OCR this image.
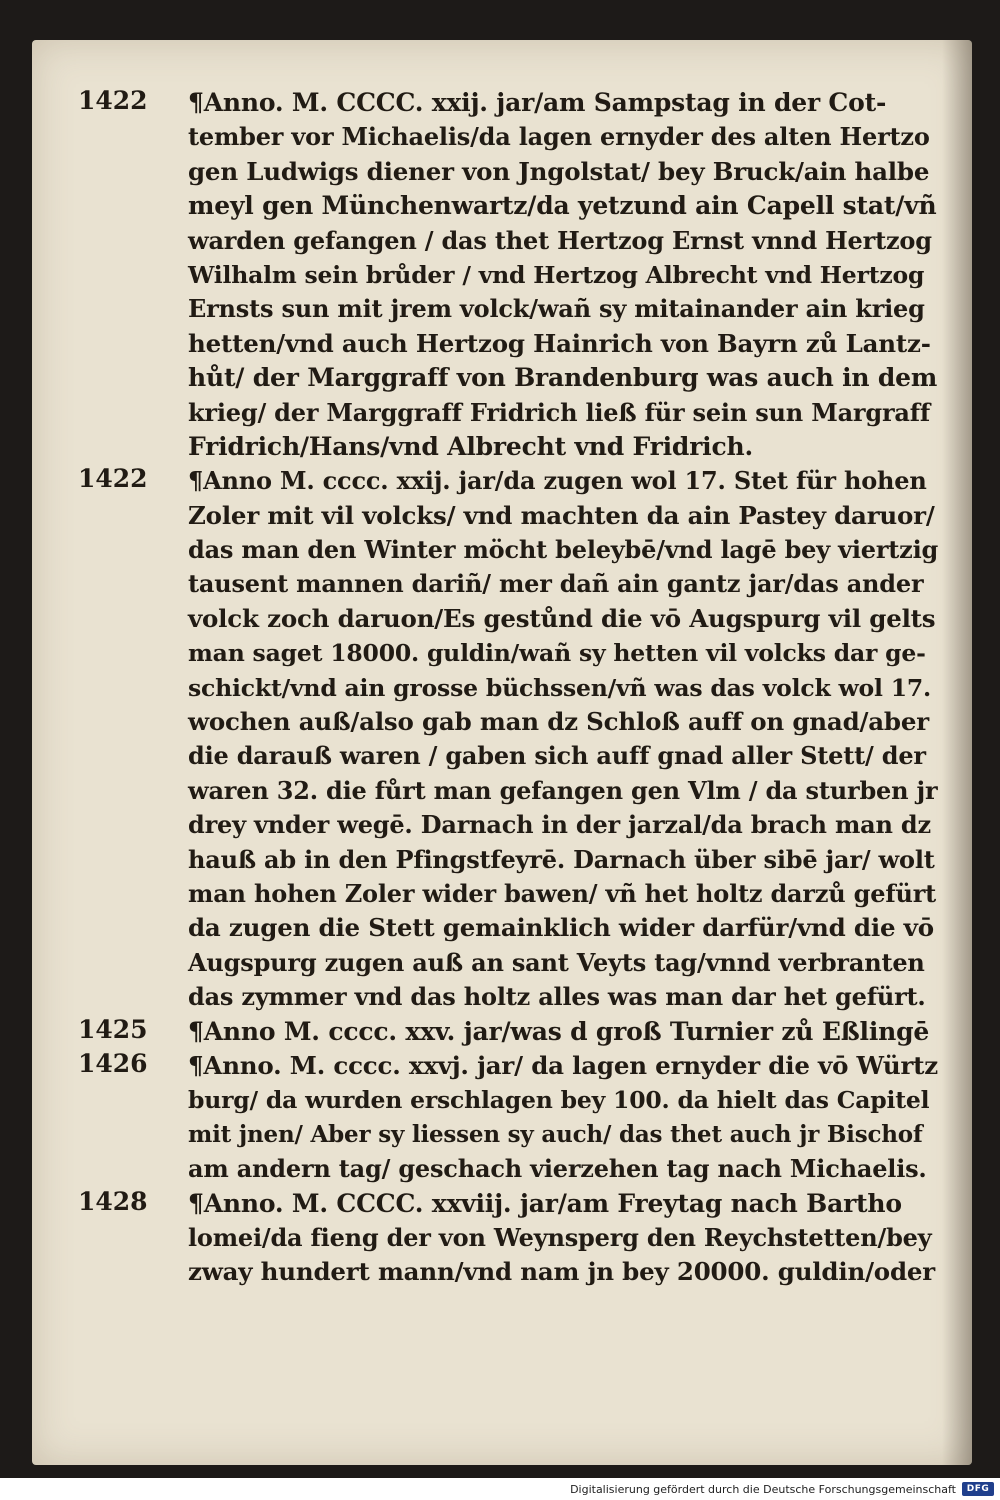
1422	¶Anno. M. CCCC. xxij. jar/am Sampstag in der Cot-
tember vor Michaelis/da lagen ernyder des alten Hertzo
gen Ludwigs diener von Jngolstat/ bey Bruck/ain halbe
meyl gen Münchenwartz/da yetzund ain Capell stat/vñ
warden gefangen / das thet Hertzog Ernst vnnd Hertzog
Wilhalm sein brůder / vnd Hertzog Albrecht vnd Hertzog
Ernsts sun mit jrem volck/wañ sy mitainander ain krieg
hetten/vnd auch Hertzog Hainrich von Bayrn zů Lantz-
hůt/ der Marggraff von Brandenburg was auch in dem
krieg/ der Marggraff Fridrich ließ für sein sun Margraff
Fridrich/Hans/vnd Albrecht vnd Fridrich.
1422	¶Anno M. cccc. xxij. jar/da zugen wol 17. Stet für hohen
Zoler mit vil volcks/ vnd machten da ain Pastey daruor/
das man den Winter möcht beleybē/vnd lagē bey viertzig
tausent mannen dariñ/ mer dañ ain gantz jar/das ander
volck zoch daruon/Es gestůnd die vō Augspurg vil gelts
man saget 18000. guldin/wañ sy hetten vil volcks dar ge-
schickt/vnd ain grosse büchssen/vñ was das volck wol 17.
wochen auß/also gab man dz Schloß auff on gnad/aber
die darauß waren / gaben sich auff gnad aller Stett/ der
waren 32. die fůrt man gefangen gen Vlm / da sturben jr
drey vnder wegē. Darnach in der jarzal/da brach man dz
hauß ab in den Pfingstfeyrē. Darnach über sibē jar/ wolt
man hohen Zoler wider bawen/ vñ het holtz darzů gefürt
da zugen die Stett gemainklich wider darfür/vnd die vō
Augspurg zugen auß an sant Veyts tag/vnnd verbranten
das zymmer vnd das holtz alles was man dar het gefürt.
1425	¶Anno M. cccc. xxv. jar/was d groß Turnier zů Eßlingē
1426	¶Anno. M. cccc. xxvj. jar/ da lagen ernyder die vō Würtz
burg/ da wurden erschlagen bey 100. da hielt das Capitel
mit jnen/ Aber sy liessen sy auch/ das thet auch jr Bischof
am andern tag/ geschach vierzehen tag nach Michaelis.
1428	¶Anno. M. CCCC. xxviij. jar/am Freytag nach Bartho
lomei/da fieng der von Weynsperg den Reychstetten/bey
zway hundert mann/vnd nam jn bey 20000. guldin/oder
Digitalisierung gefördert durch die Deutsche Forschungsgemeinschaft	DFG
